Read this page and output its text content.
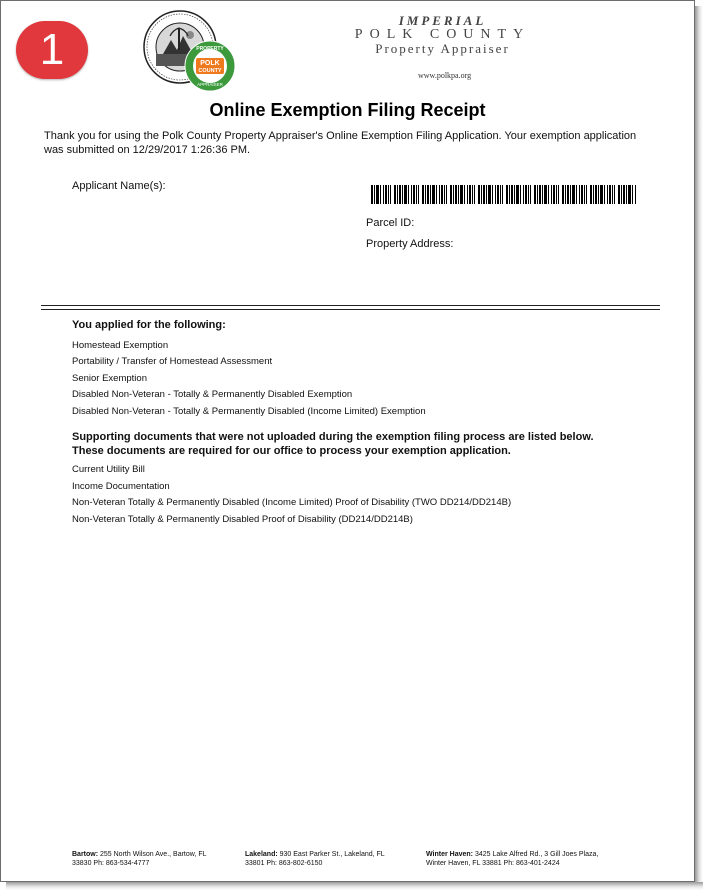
1	PROPERTY
POLK
COUNTY
APPRAISER
IMPERIAL
POLK COUNTY
Property Appraiser
www.polkpa.org
Online Exemption Filing Receipt
Thank you for using the Polk County Property Appraiser's Online Exemption Filing Application. Your exemption application was submitted on 12/29/2017 1:26:36 PM.
Applicant Name(s):
Parcel ID:
Property Address:
You applied for the following:
Homestead Exemption
Portability / Transfer of Homestead Assessment
Senior Exemption
Disabled Non-Veteran - Totally & Permanently Disabled Exemption
Disabled Non-Veteran - Totally & Permanently Disabled (Income Limited) Exemption
Supporting documents that were not uploaded during the exemption filing process are listed below. These documents are required for our office to process your exemption application.
Current Utility Bill
Income Documentation
Non-Veteran Totally & Permanently Disabled (Income Limited) Proof of Disability (TWO DD214/DD214B)
Non-Veteran Totally & Permanently Disabled Proof of Disability (DD214/DD214B)
Bartow: 255 North Wilson Ave., Bartow, FL
33830 Ph: 863-534-4777
Lakeland: 930 East Parker St., Lakeland, FL
33801 Ph: 863-802-6150
Winter Haven: 3425 Lake Alfred Rd., 3 Gill Joes Plaza,
Winter Haven, FL 33881 Ph: 863-401-2424
